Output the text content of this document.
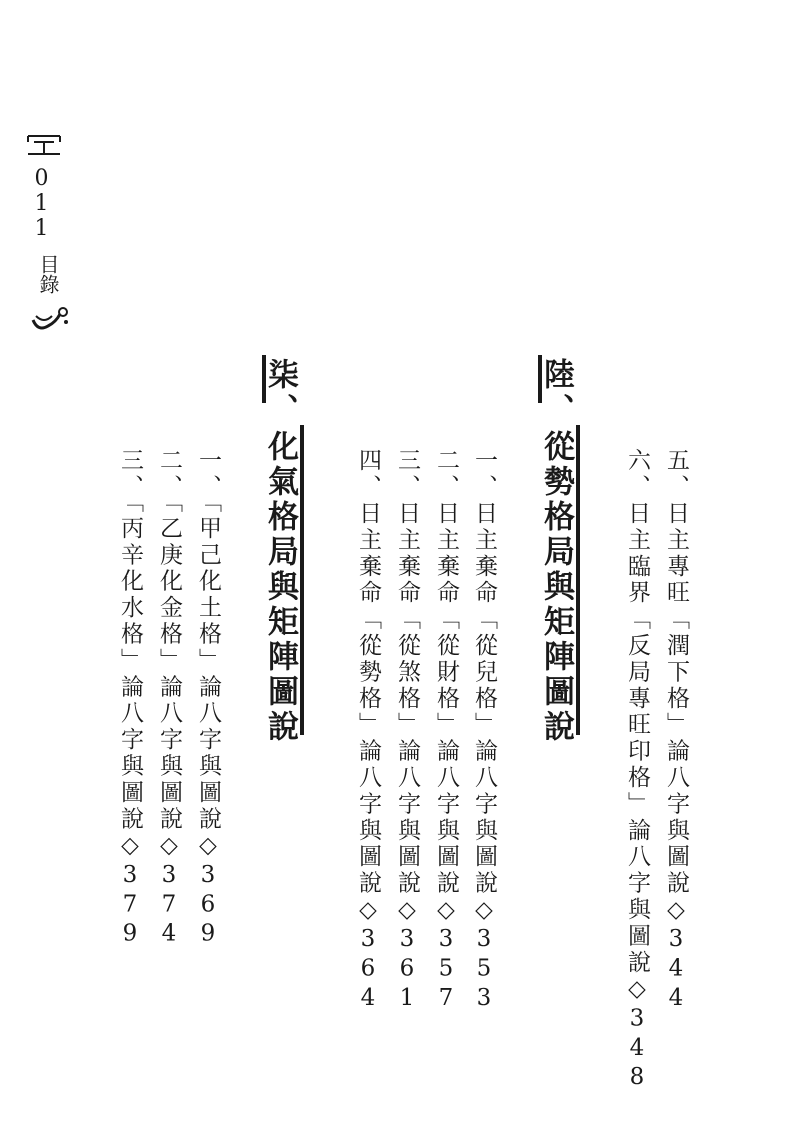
011
目錄
五、日主專旺「潤下格」論八字與圖說◇344
六、日主臨界「反局專旺印格」論八字與圖說◇348
陸、
從勢格局與矩陣圖說
一、日主棄命「從兒格」論八字與圖說◇353
二、日主棄命「從財格」論八字與圖說◇357
三、日主棄命「從煞格」論八字與圖說◇361
四、日主棄命「從勢格」論八字與圖說◇364
柒、
化氣格局與矩陣圖說
一、「甲己化土格」論八字與圖說◇369
二、「乙庚化金格」論八字與圖說◇374
三、「丙辛化水格」論八字與圖說◇379
